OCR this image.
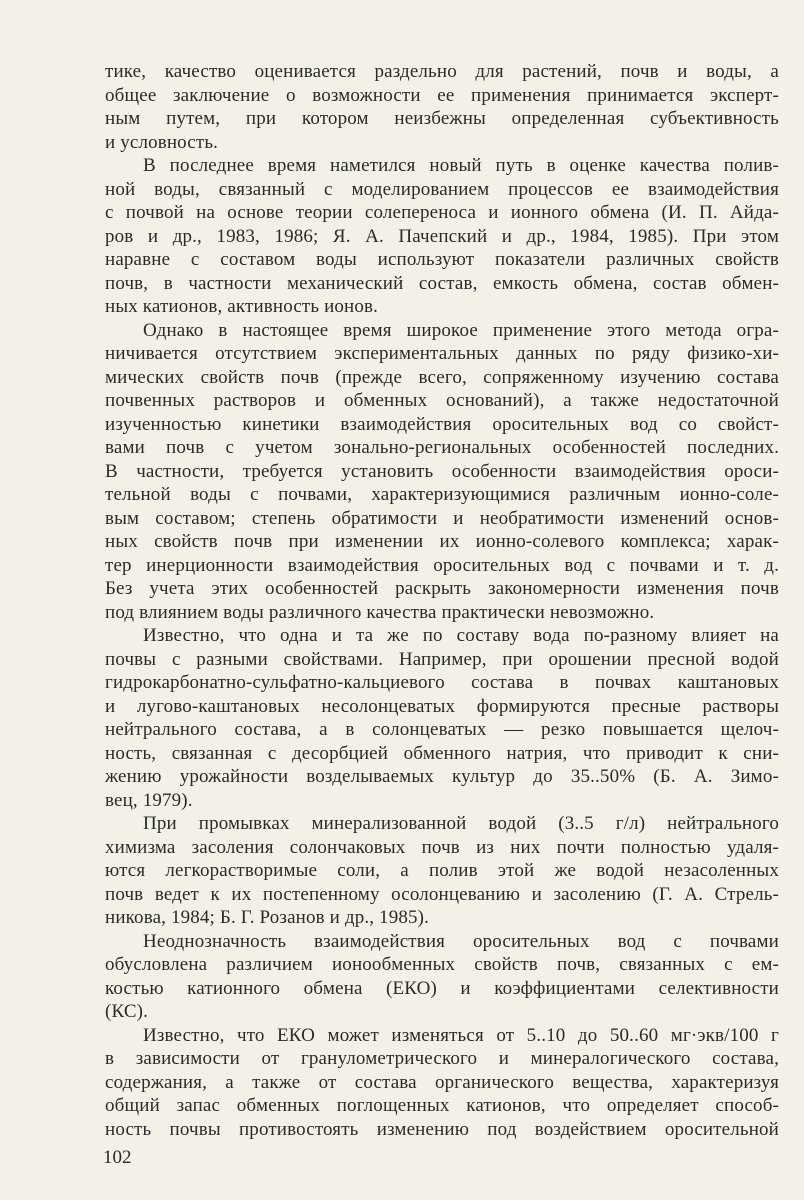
тике, качество оценивается раздельно для растений, почв и воды, а
общее заключение о возможности ее применения принимается эксперт-
ным путем, при котором неизбежны определенная субъективность
и условность.
В последнее время наметился новый путь в оценке качества полив-
ной воды, связанный с моделированием процессов ее взаимодействия
с почвой на основе теории солепереноса и ионного обмена (И. П. Айда-
ров и др., 1983, 1986; Я. А. Пачепский и др., 1984, 1985). При этом
наравне с составом воды используют показатели различных свойств
почв, в частности механический состав, емкость обмена, состав обмен-
ных катионов, активность ионов.
Однако в настоящее время широкое применение этого метода огра-
ничивается отсутствием экспериментальных данных по ряду физико-хи-
мических свойств почв (прежде всего, сопряженному изучению состава
почвенных растворов и обменных оснований), а также недостаточной
изученностью кинетики взаимодействия оросительных вод со свойст-
вами почв с учетом зонально-региональных особенностей последних.
В частности, требуется установить особенности взаимодействия ороси-
тельной воды с почвами, характеризующимися различным ионно-соле-
вым составом; степень обратимости и необратимости изменений основ-
ных свойств почв при изменении их ионно-солевого комплекса; харак-
тер инерционности взаимодействия оросительных вод с почвами и т. д.
Без учета этих особенностей раскрыть закономерности изменения почв
под влиянием воды различного качества практически невозможно.
Известно, что одна и та же по составу вода по-разному влияет на
почвы с разными свойствами. Например, при орошении пресной водой
гидрокарбонатно-сульфатно-кальциевого состава в почвах каштановых
и лугово-каштановых несолонцеватых формируются пресные растворы
нейтрального состава, а в солонцеватых — резко повышается щелоч-
ность, связанная с десорбцией обменного натрия, что приводит к сни-
жению урожайности возделываемых культур до 35..50% (Б. А. Зимо-
вец, 1979).
При промывках минерализованной водой (3..5 г/л) нейтрального
химизма засоления солончаковых почв из них почти полностью удаля-
ются легкорастворимые соли, а полив этой же водой незасоленных
почв ведет к их постепенному осолонцеванию и засолению (Г. А. Стрель-
никова, 1984; Б. Г. Розанов и др., 1985).
Неоднозначность взаимодействия оросительных вод с почвами
обусловлена различием ионообменных свойств почв, связанных с ем-
костью катионного обмена (ЕКО) и коэффициентами селективности
(КС).
Известно, что ЕКО может изменяться от 5..10 до 50..60 мг·экв/100 г
в зависимости от гранулометрического и минералогического состава,
содержания, а также от состава органического вещества, характеризуя
общий запас обменных поглощенных катионов, что определяет способ-
ность почвы противостоять изменению под воздействием оросительной
102
